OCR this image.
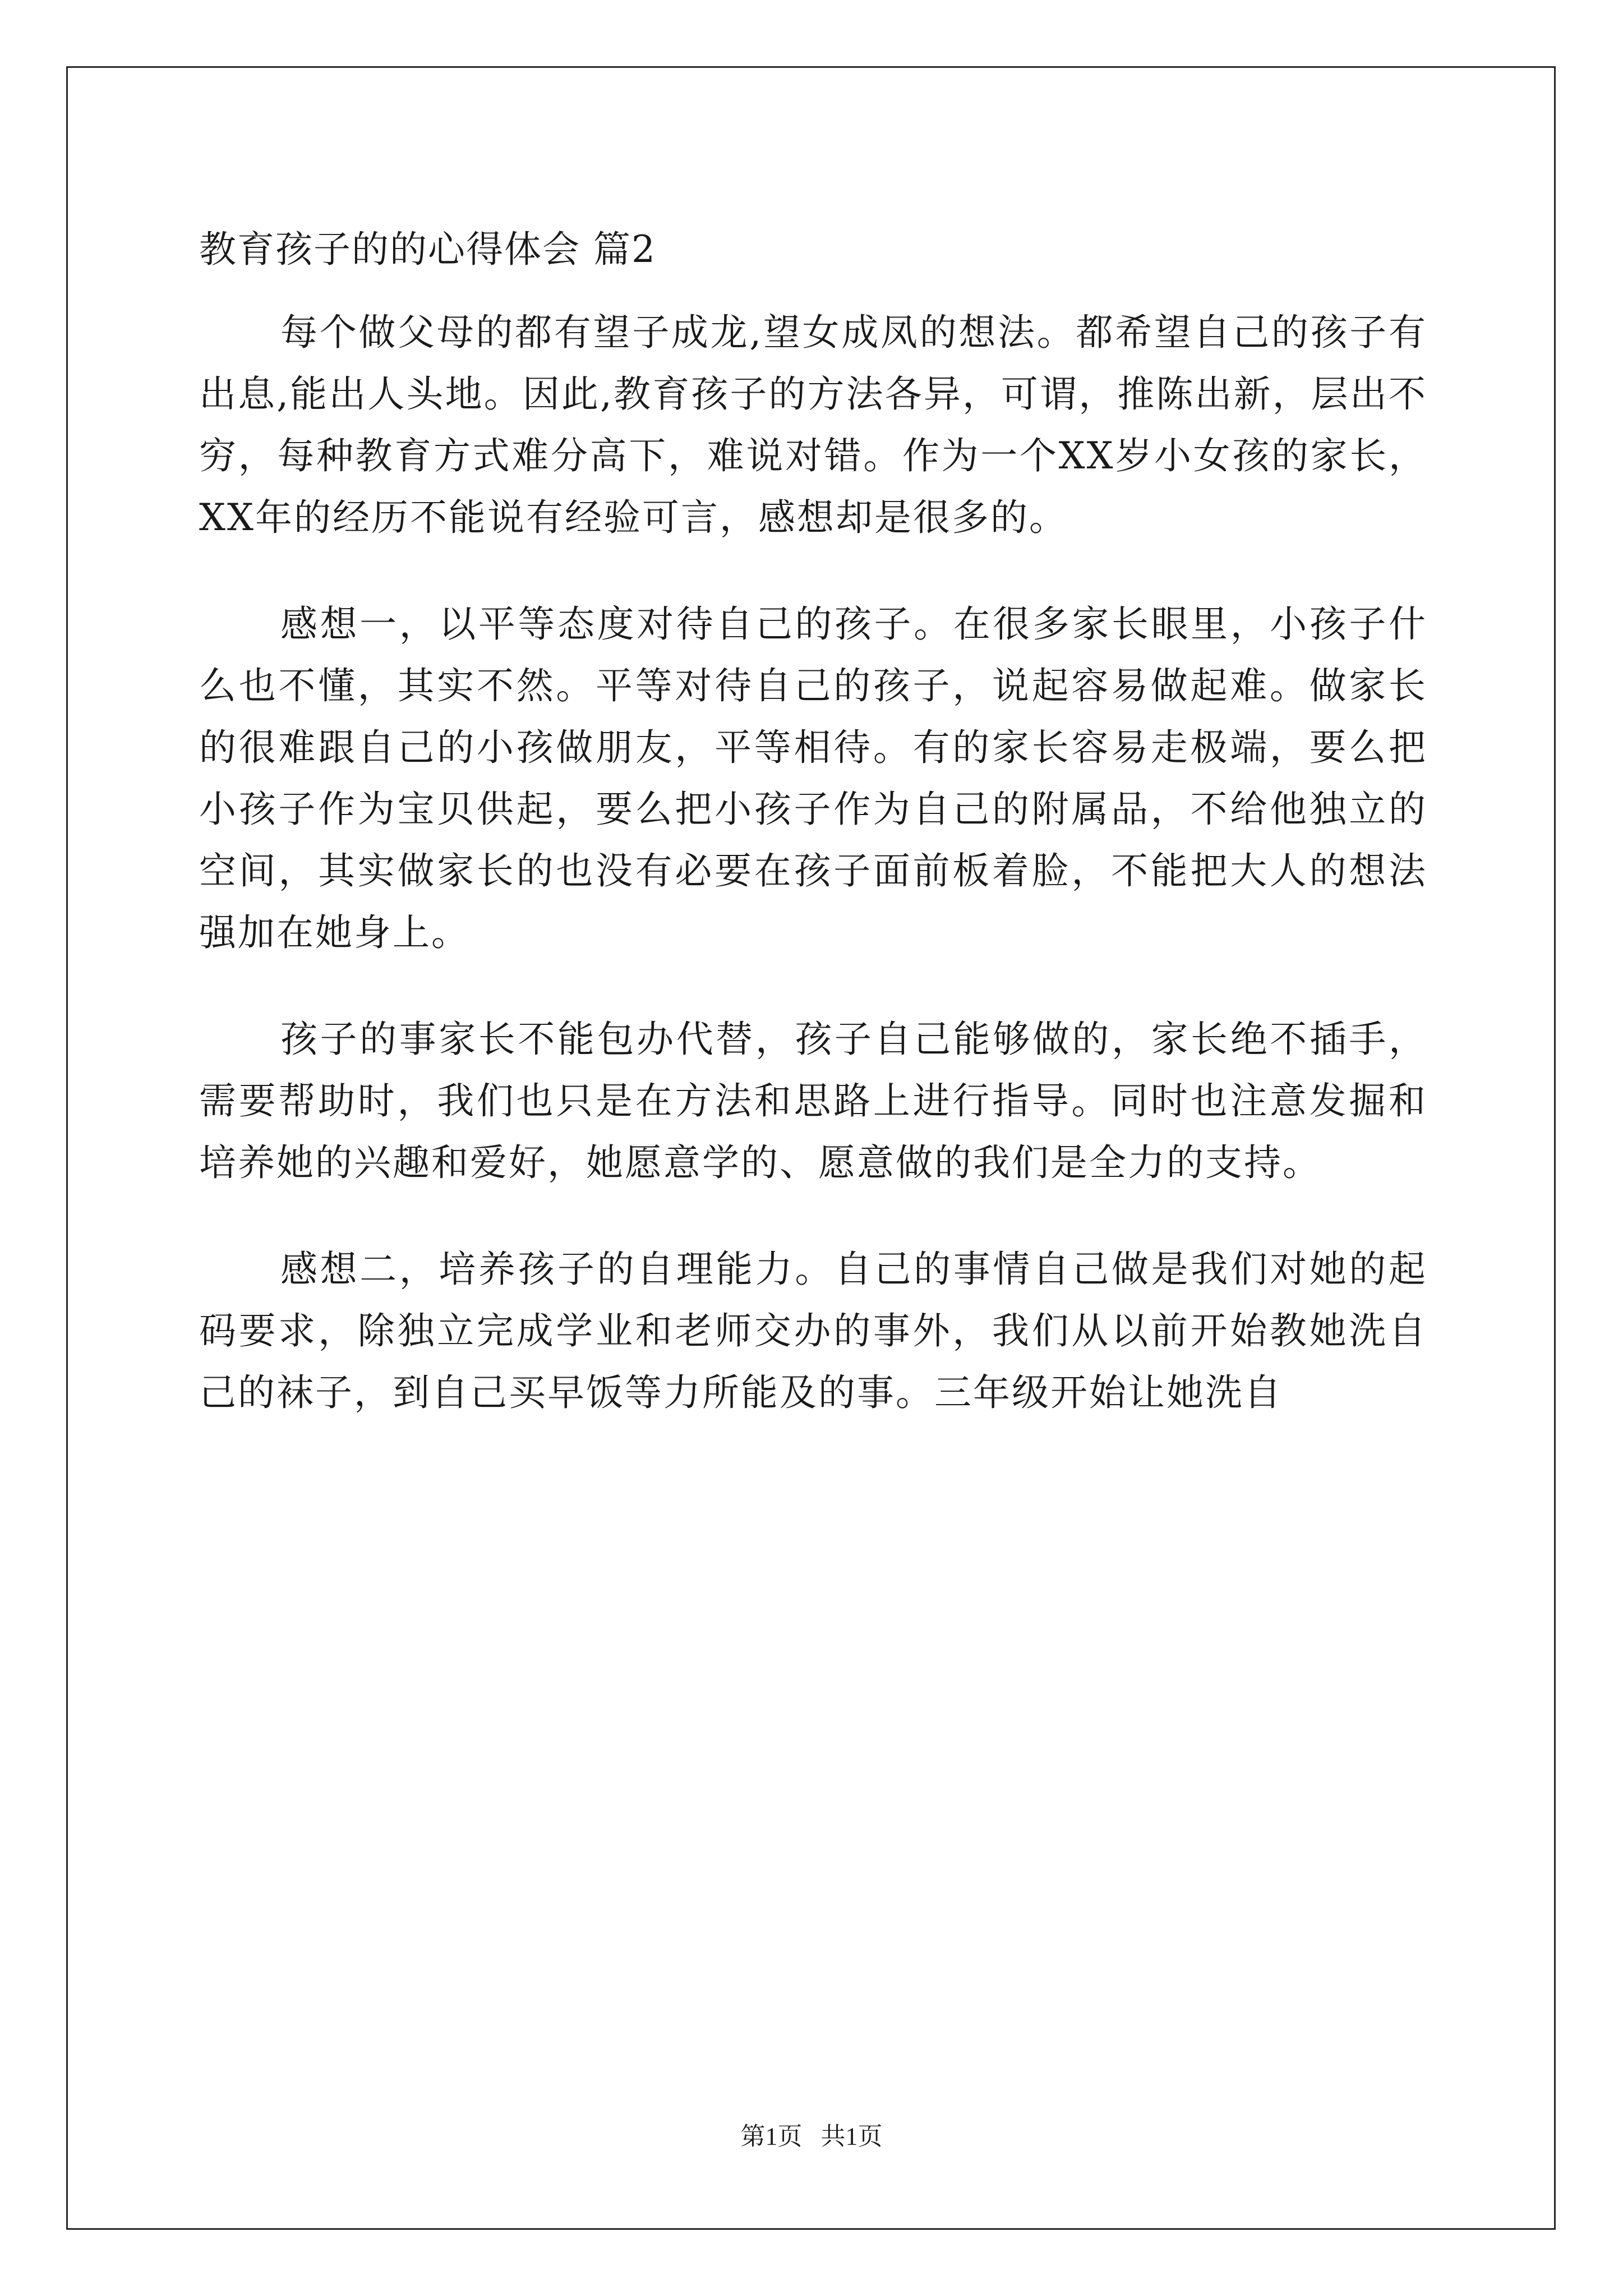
教育孩子的的心得体会 篇2

每个做父母的都有望子成龙,望女成凤的想法。都希望自己的孩子有出息,能出人头地。因此,教育孩子的方法各异，可谓，推陈出新，层出不穷，每种教育方式难分高下，难说对错。作为一个XX岁小女孩的家长，XX年的经历不能说有经验可言，感想却是很多的。

感想一，以平等态度对待自己的孩子。在很多家长眼里，小孩子什么也不懂，其实不然。平等对待自己的孩子，说起容易做起难。做家长的很难跟自己的小孩做朋友，平等相待。有的家长容易走极端，要么把小孩子作为宝贝供起，要么把小孩子作为自己的附属品，不给他独立的空间，其实做家长的也没有必要在孩子面前板着脸，不能把大人的想法强加在她身上。

孩子的事家长不能包办代替，孩子自己能够做的，家长绝不插手，需要帮助时，我们也只是在方法和思路上进行指导。同时也注意发掘和培养她的兴趣和爱好，她愿意学的、愿意做的我们是全力的支持。

感想二，培养孩子的自理能力。自己的事情自己做是我们对她的起码要求，除独立完成学业和老师交办的事外，我们从以前开始教她洗自己的袜子，到自己买早饭等力所能及的事。三年级开始让她洗自

第1页   共1页
